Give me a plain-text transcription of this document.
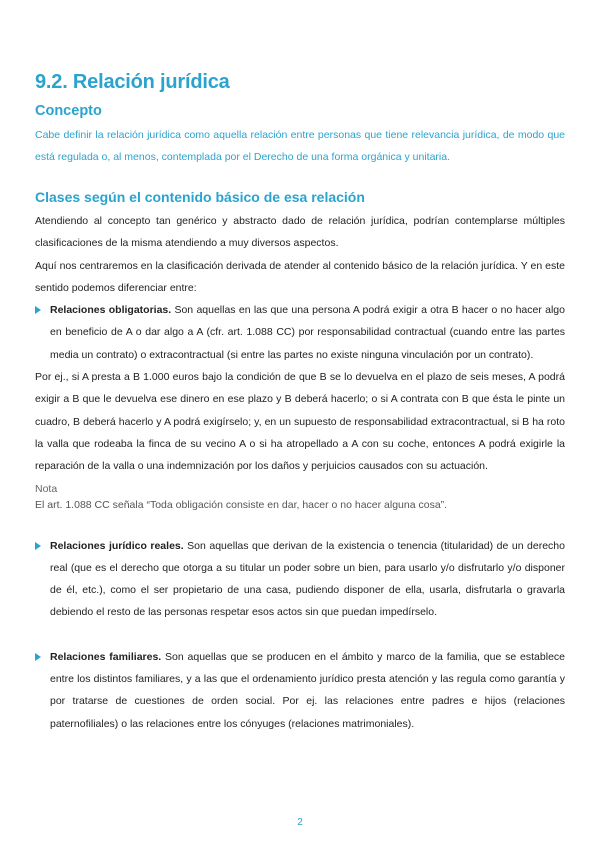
9.2. Relación jurídica
Concepto

Cabe definir la relación jurídica como aquella relación entre personas que tiene relevancia jurídica, de modo que está regulada o, al menos, contemplada por el Derecho de una forma orgánica y unitaria.

Clases según el contenido básico de esa relación

Atendiendo al concepto tan genérico y abstracto dado de relación jurídica, podrían contemplarse múltiples clasificaciones de la misma atendiendo a muy diversos aspectos.

Aquí nos centraremos en la clasificación derivada de atender al contenido básico de la relación jurídica. Y en este sentido podemos diferenciar entre:

Relaciones obligatorias. Son aquellas en las que una persona A podrá exigir a otra B hacer o no hacer algo en beneficio de A o dar algo a A (cfr. art. 1.088 CC) por responsabilidad contractual (cuando entre las partes media un contrato) o extracontractual (si entre las partes no existe ninguna vinculación por un contrato).

Por ej., si A presta a B 1.000 euros bajo la condición de que B se lo devuelva en el plazo de seis meses, A podrá exigir a B que le devuelva ese dinero en ese plazo y B deberá hacerlo; o si A contrata con B que ésta le pinte un cuadro, B deberá hacerlo y A podrá exigírselo; y, en un supuesto de responsabilidad extracontractual, si B ha roto la valla que rodeaba la finca de su vecino A o si ha atropellado a A con su coche, entonces A podrá exigirle la reparación de la valla o una indemnización por los daños y perjuicios causados con su actuación.

Nota
El art. 1.088 CC señala “Toda obligación consiste en dar, hacer o no hacer alguna cosa”.
Relaciones jurídico reales. Son aquellas que derivan de la existencia o tenencia (titularidad) de un derecho real (que es el derecho que otorga a su titular un poder sobre un bien, para usarlo y/o disfrutarlo y/o disponer de él, etc.), como el ser propietario de una casa, pudiendo disponer de ella, usarla, disfrutarla o gravarla debiendo el resto de las personas respetar esos actos sin que puedan impedírselo.
Relaciones familiares. Son aquellas que se producen en el ámbito y marco de la familia, que se establece entre los distintos familiares, y a las que el ordenamiento jurídico presta atención y las regula como garantía y por tratarse de cuestiones de orden social. Por ej. las relaciones entre padres e hijos (relaciones paternofiliales) o las relaciones entre los cónyuges (relaciones matrimoniales).
2
